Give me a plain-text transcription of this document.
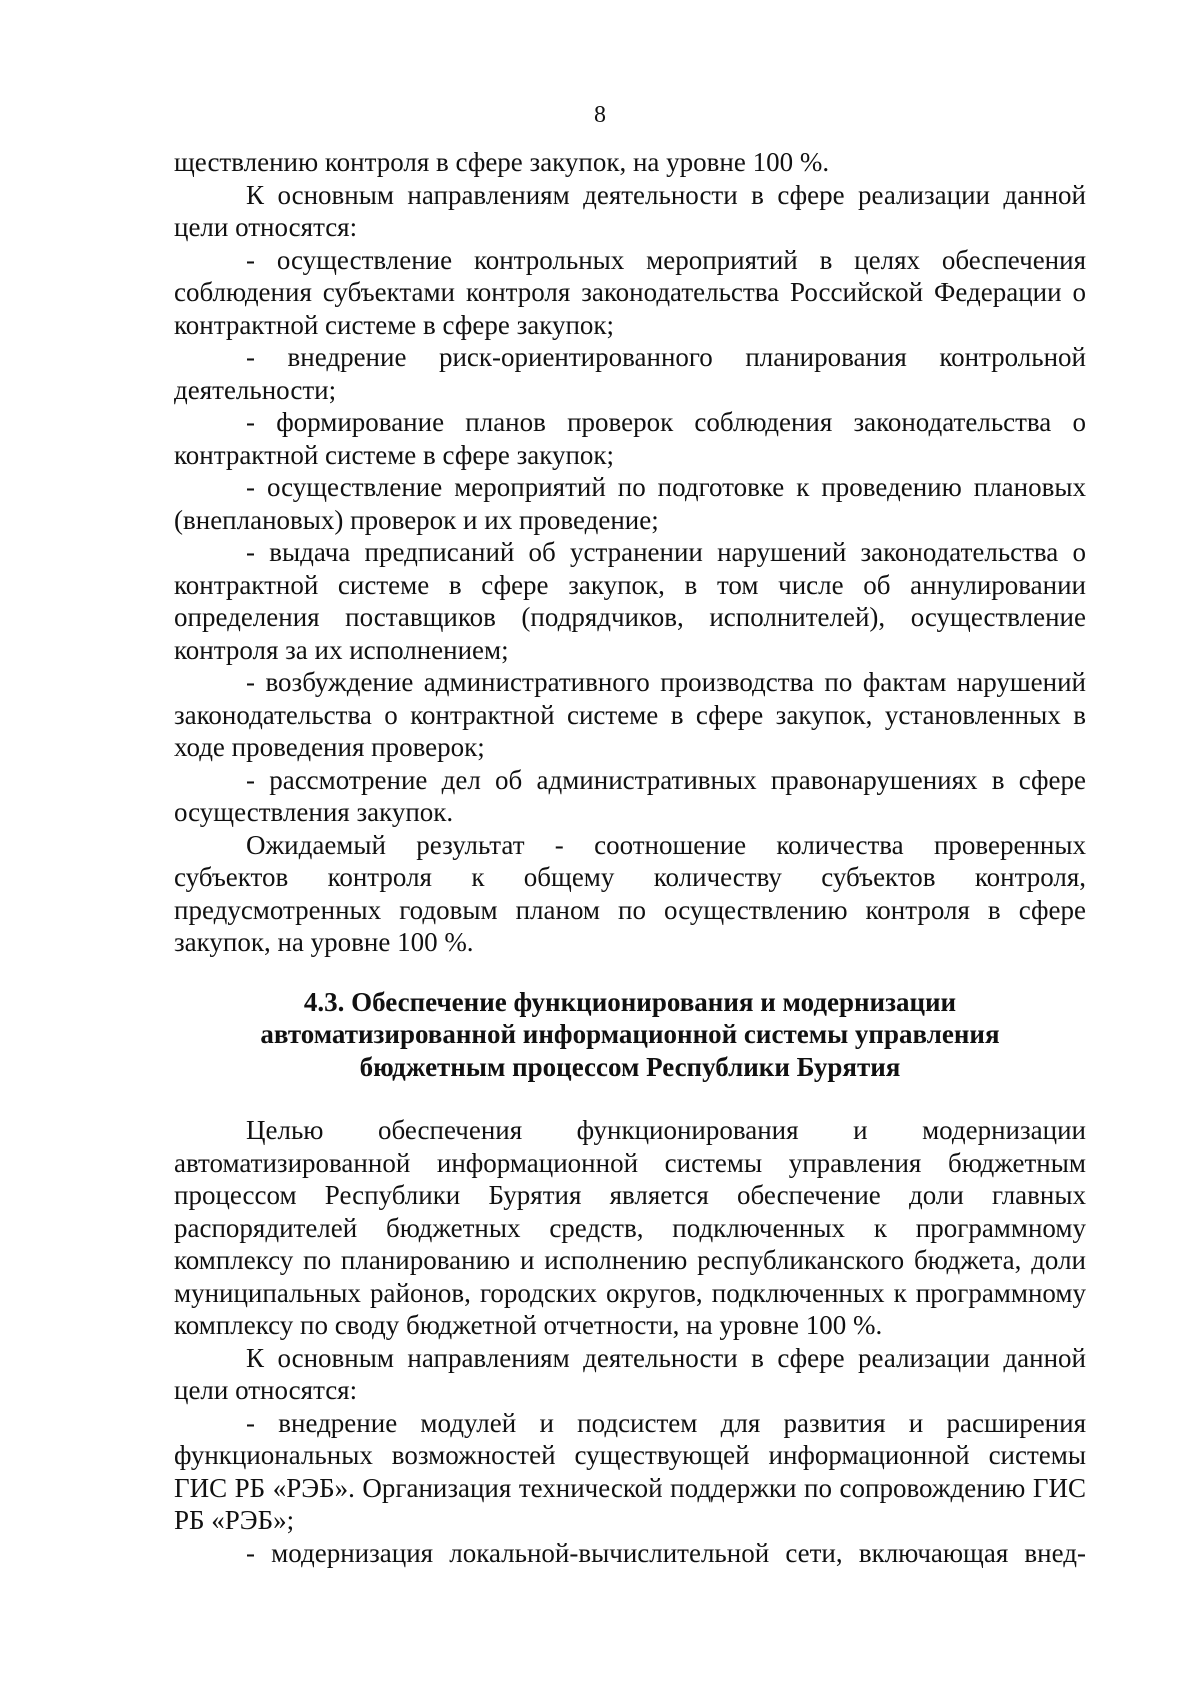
8

ществлению контроля в сфере закупок, на уровне 100 %.

К основным направлениям деятельности в сфере реализации данной цели относятся:

- осуществление контрольных мероприятий в целях обеспечения соблюдения субъектами контроля законодательства Российской Федерации о контрактной системе в сфере закупок;

- внедрение риск-ориентированного планирования контрольной деятельности;

- формирование планов проверок соблюдения законодательства о контрактной системе в сфере закупок;

- осуществление мероприятий по подготовке к проведению плановых (внеплановых) проверок и их проведение;

- выдача предписаний об устранении нарушений законодательства о контрактной системе в сфере закупок, в том числе об аннулировании определения поставщиков (подрядчиков, исполнителей), осуществление контроля за их исполнением;

- возбуждение административного производства по фактам нарушений законодательства о контрактной системе в сфере закупок, установленных в ходе проведения проверок;

- рассмотрение дел об административных правонарушениях в сфере осуществления закупок.

Ожидаемый результат - соотношение количества проверенных субъектов контроля к общему количеству субъектов контроля, предусмотренных годовым планом по осуществлению контроля в сфере закупок, на уровне 100 %.

4.3. Обеспечение функционирования и модернизации
автоматизированной информационной системы управления
бюджетным процессом Республики Бурятия

Целью обеспечения функционирования и модернизации автоматизированной информационной системы управления бюджетным процессом Республики Бурятия является обеспечение доли главных распорядителей бюджетных средств, подключенных к программному комплексу по планированию и исполнению республиканского бюджета, доли муниципальных районов, городских округов, подключенных к программному комплексу по своду бюджетной отчетности, на уровне 100 %.

К основным направлениям деятельности в сфере реализации данной цели относятся:

- внедрение модулей и подсистем для развития и расширения функциональных возможностей существующей информационной системы ГИС РБ «РЭБ». Организация технической поддержки по сопровождению ГИС РБ «РЭБ»;

- модернизация локальной-вычислительной сети, включающая внед-
